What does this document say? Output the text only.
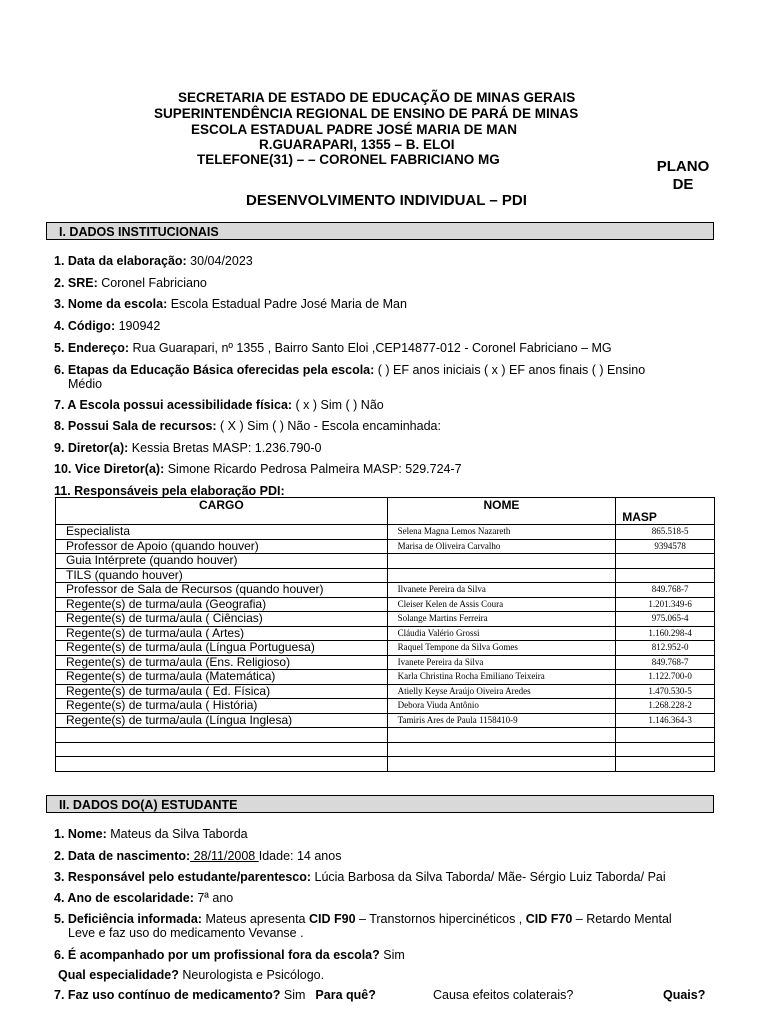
SECRETARIA DE ESTADO DE EDUCAÇÃO DE MINAS GERAIS
SUPERINTENDÊNCIA REGIONAL DE ENSINO DE PARÁ DE MINAS
ESCOLA ESTADUAL PADRE JOSÉ MARIA DE MAN
R.GUARAPARI, 1355 – B. ELOI
TELEFONE(31) – – CORONEL FABRICIANO MG	PLANO
DE
DESENVOLVIMENTO INDIVIDUAL – PDI
I. DADOS INSTITUCIONAIS
1. Data da elaboração: 30/04/2023
2. SRE: Coronel Fabriciano
3. Nome da escola: Escola Estadual Padre José Maria de Man
4. Código: 190942
5. Endereço: Rua Guarapari, nº 1355 , Bairro Santo Eloi ,CEP14877-012 - Coronel Fabriciano – MG
6. Etapas da Educação Básica oferecidas pela escola: ( ) EF anos iniciais ( x ) EF anos finais ( ) Ensino
Médio
7. A Escola possui acessibilidade física: ( x ) Sim ( ) Não
8. Possui Sala de recursos: ( X ) Sim ( ) Não - Escola encaminhada:
9. Diretor(a): Kessia Bretas MASP: 1.236.790-0
10. Vice Diretor(a): Simone Ricardo Pedrosa Palmeira MASP: 529.724-7
11. Responsáveis pela elaboração PDI:
CARGO	NOME	MASP
Especialista	Selena Magna Lemos Nazareth	865.518-5
Professor de Apoio (quando houver)	Marisa de Oliveira Carvalho	9394578
Guia Intérprete (quando houver)		
TILS (quando houver)		
Professor de Sala de Recursos (quando houver)	Ilvanete Pereira da Silva	849.768-7
Regente(s) de turma/aula (Geografia)	Cleiser Kelen de Assis Coura	1.201.349-6
Regente(s) de turma/aula ( Ciências)	Solange Martins Ferreira	975.065-4
Regente(s) de turma/aula ( Artes)	Cláudia Valério Grossi	1.160.298-4
Regente(s) de turma/aula (Língua Portuguesa)	Raquel Tempone da Silva Gomes	812.952-0
Regente(s) de turma/aula (Ens. Religioso)	Ivanete Pereira da Silva	849.768-7
Regente(s) de turma/aula (Matemática)	Karla Christina Rocha Emiliano Teixeira	1.122.700-0
Regente(s) de turma/aula ( Ed. Física)	Atielly Keyse Araújo Oiveira Aredes	1.470.530-5
Regente(s) de turma/aula ( História)	Debora Viuda Antônio	1.268.228-2
Regente(s) de turma/aula (Língua Inglesa)	Tamiris Ares de Paula 1158410-9	1.146.364-3

II. DADOS DO(A) ESTUDANTE
1. Nome: Mateus da Silva Taborda
2. Data de nascimento: 28/11/2008 Idade: 14 anos
3. Responsável pelo estudante/parentesco: Lúcia Barbosa da Silva Taborda/ Mãe- Sérgio Luiz Taborda/ Pai
4. Ano de escolaridade: 7ª ano
5. Deficiência informada: Mateus apresenta CID F90 – Transtornos hipercinéticos , CID F70 – Retardo Mental
Leve e faz uso do medicamento Vevanse .
6. É acompanhado por um profissional fora da escola? Sim
Qual especialidade? Neurologista e Psicólogo.
7. Faz uso contínuo de medicamento? Sim Para quê?	Causa efeitos colaterais?	Quais?
